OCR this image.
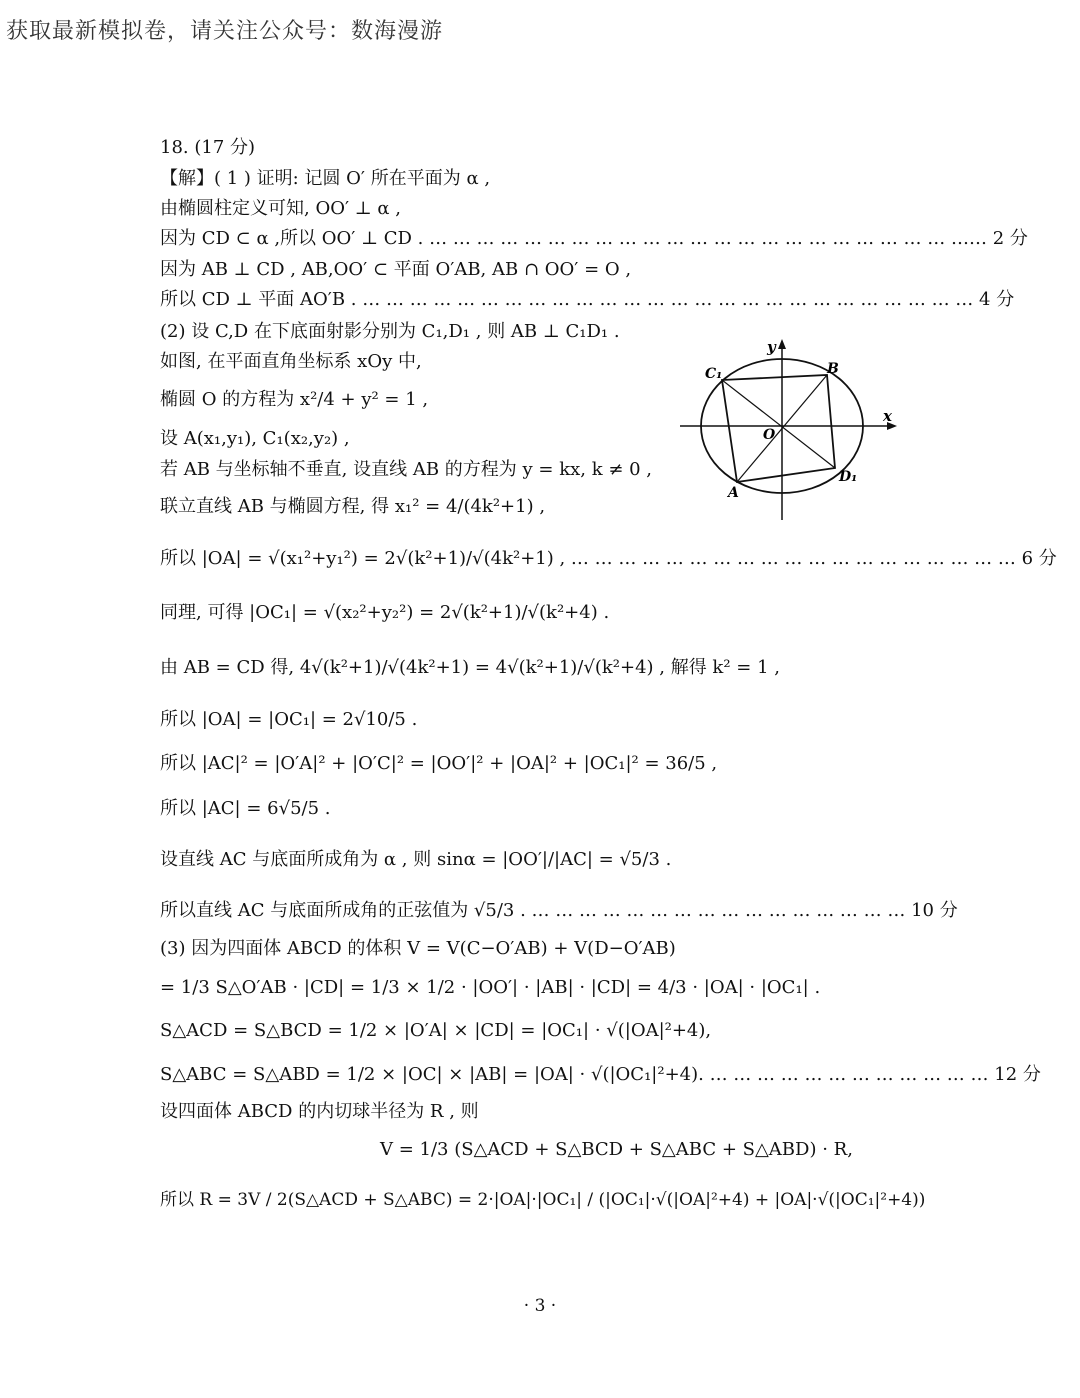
获取最新模拟卷，请关注公众号：数海漫游
18. (17 分)
【解】( 1 ) 证明: 记圆 O′ 所在平面为 α ,
由椭圆柱定义可知, OO′ ⊥ α ,
因为 CD ⊂ α ,所以 OO′ ⊥ CD . … … … … … … … … … … … … … … … … … … … … … … …… 2 分
因为 AB ⊥ CD , AB,OO′ ⊂ 平面 O′AB, AB ∩ OO′ = O ,
所以 CD ⊥ 平面 AO′B . … … … … … … … … … … … … … … … … … … … … … … … … … … 4 分
(2) 设 C,D 在下底面射影分别为 C₁,D₁ , 则 AB ⊥ C₁D₁ .
如图, 在平面直角坐标系 xOy 中,
椭圆 O 的方程为 x²/4 + y² = 1 ,
设 A(x₁,y₁), C₁(x₂,y₂) ,
若 AB 与坐标轴不垂直, 设直线 AB 的方程为 y = kx, k ≠ 0 ,
联立直线 AB 与椭圆方程, 得 x₁² = 4/(4k²+1) ,
所以 |OA| = √(x₁²+y₁²) = 2√(k²+1)/√(4k²+1) , … … … … … … … … … … … … … … … … … … … 6 分
同理, 可得 |OC₁| = √(x₂²+y₂²) = 2√(k²+1)/√(k²+4) .
由 AB = CD 得, 4√(k²+1)/√(4k²+1) = 4√(k²+1)/√(k²+4) , 解得 k² = 1 ,
所以 |OA| = |OC₁| = 2√10/5 .
所以 |AC|² = |O′A|² + |O′C|² = |OO′|² + |OA|² + |OC₁|² = 36/5 ,
所以 |AC| = 6√5/5 .
设直线 AC 与底面所成角为 α , 则 sinα = |OO′|/|AC| = √5/3 .
所以直线 AC 与底面所成角的正弦值为 √5/3 . … … … … … … … … … … … … … … … … 10 分
(3) 因为四面体 ABCD 的体积 V = V(C−O′AB) + V(D−O′AB)
= 1/3 S△O′AB · |CD| = 1/3 × 1/2 · |OO′| · |AB| · |CD| = 4/3 · |OA| · |OC₁| .
S△ACD = S△BCD = 1/2 × |O′A| × |CD| = |OC₁| · √(|OA|²+4),
S△ABC = S△ABD = 1/2 × |OC| × |AB| = |OA| · √(|OC₁|²+4). … … … … … … … … … … … … 12 分
设四面体 ABCD 的内切球半径为 R , 则
V = 1/3 (S△ACD + S△BCD + S△ABC + S△ABD) · R,
所以 R = 3V / 2(S△ACD + S△ABC) = 2·|OA|·|OC₁| / (|OC₁|·√(|OA|²+4) + |OA|·√(|OC₁|²+4))
y
x
O
A
B
C₁
D₁
· 3 ·
